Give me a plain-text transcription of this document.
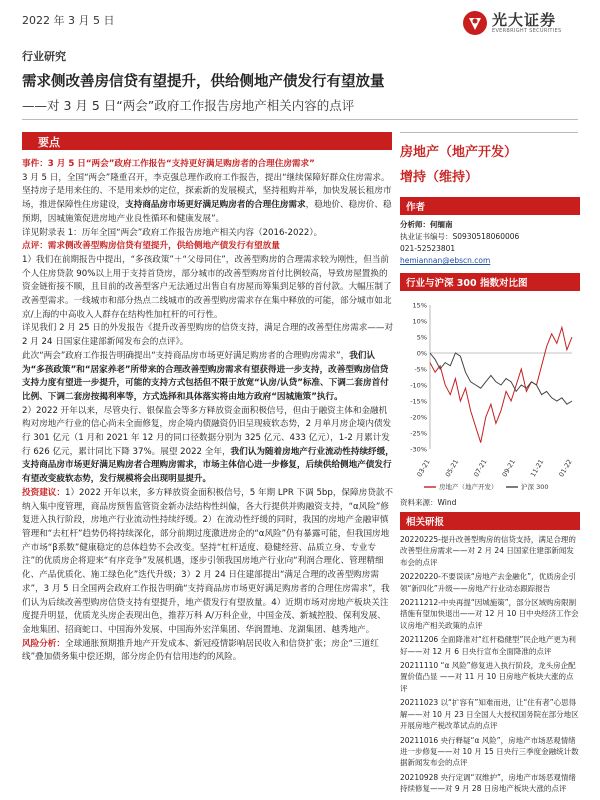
2022 年 3 月 5 日	光大证券
EVERBRIGHT SECURITIES
行业研究
需求侧改善房信贷有望提升，供给侧地产债发行有望放量
——对 3 月 5 日“两会”政府工作报告房地产相关内容的点评
要点

事件：3 月 5 日“两会”政府工作报告“支持更好满足购房者的合理住房需求”

3 月 5 日，全国“两会”隆重召开，李克强总理作政府工作报告，提出“继续保障好群众住房需求。坚持房子是用来住的、不是用来炒的定位，探索新的发展模式，坚持租购并举，加快发展长租房市场，推进保障性住房建设，支持商品房市场更好满足购房者的合理住房需求，稳地价、稳房价、稳预期，因城施策促进房地产业良性循环和健康发展”。

详见附录表 1：历年全国“两会”政府工作报告房地产相关内容（2016-2022）。

点评：需求侧改善型购房信贷有望提升，供给侧地产债发行有望放量

1）我们在前期报告中提出，“多孩政策”＋“父母同住”，改善型购房的合理需求较为刚性，但当前个人住房贷款 90%以上用于支持首贷房，部分城市的改善型购房首付比例较高，导致房屋置换的资金链衔接不顺，且目前的改善型客户无法通过出售自有房屋而筹集到足够的首付款。大幅压制了改善型需求。一线城市和部分热点二线城市的改善型购房需求存在集中释放的可能，部分城市如北京/上海的中高收入人群存在结构性加杠杆的可行性。

详见我们 2 月 25 日的外发报告《提升改善型购房的信贷支持，满足合理的改善型住房需求——对 2 月 24 日国家住建部新闻发布会的点评》。

此次“两会”政府工作报告明确提出“支持商品房市场更好满足购房者的合理购房需求”，我们认为“多孩政策”和“居家养老”所带来的合理改善型购房需求有望获得进一步支持，改善型购房信贷支持力度有望进一步提升，可能的支持方式包括但不限于放宽“认房/认贷”标准、下调二套房首付比例、下调二套房按揭利率等，方式选择和具体落实将由地方政府“因城施策”执行。

2）2022 开年以来，尽管央行、银保监会等多方释放资金面积极信号，但由于融资主体和金融机构对房地产行业的信心尚未全面修复，房企境内债融资仍旧呈现疲软态势，2 月单月房企境内债发行 301 亿元（1 月和 2021 年 12 月的同口径数据分别为 325 亿元、433 亿元），1-2 月累计发行 626 亿元，累计同比下降 37%。展望 2022 全年，我们认为随着房地产行业流动性持续纾缓，支持商品房市场更好满足购房者合理购房需求，市场主体信心进一步修复，后续供给侧地产债发行有望改变疲软态势，发行规模将会出现明显提升。

投资建议：1）2022 开年以来，多方释放资金面积极信号，5 年期 LPR 下调 5bp，保障房贷款不纳入集中度管理，商品房预售监管资金新办法结构性纠偏，各大行提供并购融资支持，“α风险”修复进入执行阶段，房地产行业流动性持续纾缓。2）在流动性纾缓的同时，我国的房地产金融审慎管理和“去杠杆”趋势仍将持续深化，部分前期过度激进房企的“α风险”仍有暴露可能，但我国房地产市场“β系数”健康稳定的总体趋势不会改变。坚持“杠杆适度、稳健经营、品质立身、专业专注”的优质房企将迎来“有序竞争”发展机遇，逐步引领我国房地产行业向“利润合理化、管理精细化、产品优质化、施工绿色化”迭代升级；3）2 月 24 日住建部提出“满足合理的改善型购房需求”，3 月 5 日全国两会政府工作报告明确“支持商品房市场更好满足购房者的合理住房需求”，我们认为后续改善型购房信贷支持有望提升，地产债发行有望放量。4）近期市场对房地产板块关注度提升明显，优质龙头房企表现出色，推荐万科 A/万科企业，中国金茂、新城控股、保利发展、金地集团、招商蛇口、中国海外发展、中国海外宏洋集团、华润置地、龙湖集团、越秀地产。

风险分析：全球通胀预期推升地产开发成本、新冠疫情影响居民收入和信贷扩张；房企“三道红线”叠加债务集中偿还期，部分房企仍有信用违约的风险。

房地产（地产开发）
增持（维持）
作者
分析师：何缅南
执业证书编号：S0930518060006
021-52523801
hemiannan@ebscn.com
行业与沪深 300 指数对比图
15%
10%
5%
0%
-5%
-10%
-15%
-20%
-25%
-30%
03-21 05-21 07-21 09-21 11-21 01-22
房地产（地产开发）	沪深 300
资料来源：Wind
相关研报
20220225-提升改善型购房的信贷支持，满足合理的改善型住房需求——对 2 月 24 日国家住建部新闻发布会的点评
20220220-不要误读“房地产去金融化”，优质房企引领“新四化”升级——房地产行业动态跟踪报告
20211212-中央再提“因城施策”，部分区域购房限制措施有望加快退出——对 12 月 10 日中央经济工作会议房地产相关政策的点评
20211206 全面降准对“红杆稳健型”民企地产更为利好——对 12 月 6 日央行宣布全面降准的点评
20211110 “α 风险”修复进入执行阶段，龙头房企配置价值凸显 ——对 11 月 10 日房地产板块大涨的点评
20211023 以“扩容有”知难而进，让“住有者”心思得解——对 10 月 23 日全国人大授权国务院在部分地区开展房地产税改革试点的点评
20211016 央行释疑“α 风险”，房地产市场恶观情绪进一步修复——对 10 月 15 日央行三季度金融统计数据新闻发布会的点评
20210928 央行定调“双维护”，房地产市场恶观情绪持续修复——对 9 月 28 日房地产板块大涨的点评
